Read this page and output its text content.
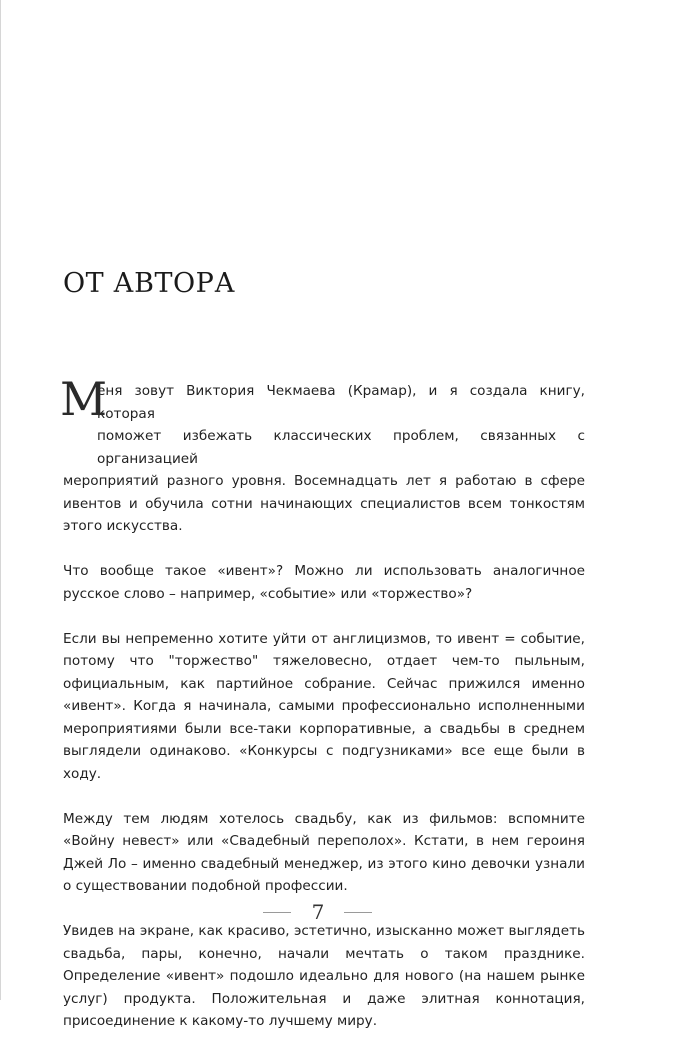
ОТ АВТОРА

М
еня зовут Виктория Чекмаева (Крамар), и я создала книгу, которая
поможет избежать классических проблем, связанных с организацией
мероприятий разного уровня. Восемнадцать лет я работаю в сфере ивентов и обучила сотни начинающих специалистов всем тонкостям этого искусства.

Что вообще такое «ивент»? Можно ли использовать аналогичное русское слово – например, «событие» или «торжество»?

Если вы непременно хотите уйти от англицизмов, то ивент = событие, потому что "торжество" тяжеловесно, отдает чем-то пыльным, официальным, как партийное собрание. Сейчас прижился именно «ивент». Когда я начинала, самыми профессионально исполненными мероприятиями были все-таки корпоративные, а свадьбы в среднем выглядели одинаково. «Конкурсы с подгузниками» все еще были в ходу.

Между тем людям хотелось свадьбу, как из фильмов: вспомните «Войну невест» или «Свадебный переполох». Кстати, в нем героиня Джей Ло – именно свадебный менеджер, из этого кино девочки узнали о существовании подобной профессии.

Увидев на экране, как красиво, эстетично, изысканно может выглядеть свадьба, пары, конечно, начали мечтать о таком празднике. Определение «ивент» подошло идеально для нового (на нашем рынке услуг) продукта. Положительная и даже элитная коннотация, присоединение к какому-то лучшему миру.

7
